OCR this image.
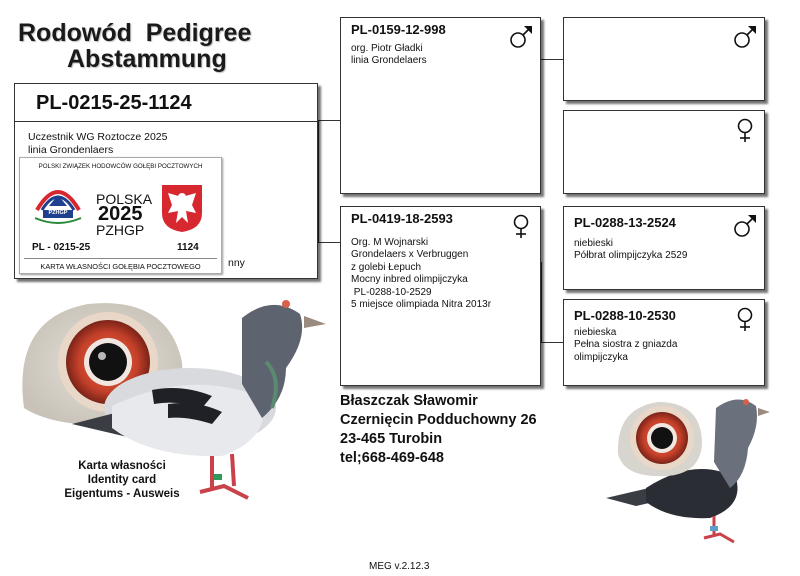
Rodowód  Pedigree
Abstammung
PL-0215-25-1124
Uczestnik WG Roztocze 2025
linia Grondenlaers
nny
POLSKI ZWIĄZEK HODOWCÓW GOŁĘBI POCZTOWYCH
PZHGP
POLSKA
2025
PZHGP
PL - 0215-25	1124
KARTA WŁASNOŚCI GOŁĘBIA POCZTOWEGO
PL-0159-12-998
org. Piotr Gładki
linia Grondelaers
PL-0419-18-2593
Org. M Wojnarski
Grondelaers x Verbruggen
z golebi Łepuch
Mocny inbred olimpijczyka
PL-0288-10-2529
5 miejsce olimpiada Nitra 2013r
PL-0288-13-2524
niebieski
Półbrat olimpijczyka 2529
PL-0288-10-2530
niebieska
Pełna siostra z gniazda
olimpijczyka
Karta własności
Identity card
Eigentums - Ausweis
Błaszczak Sławomir
Czernięcin Podduchowny 26
23-465 Turobin
tel;668-469-648
MEG v.2.12.3
